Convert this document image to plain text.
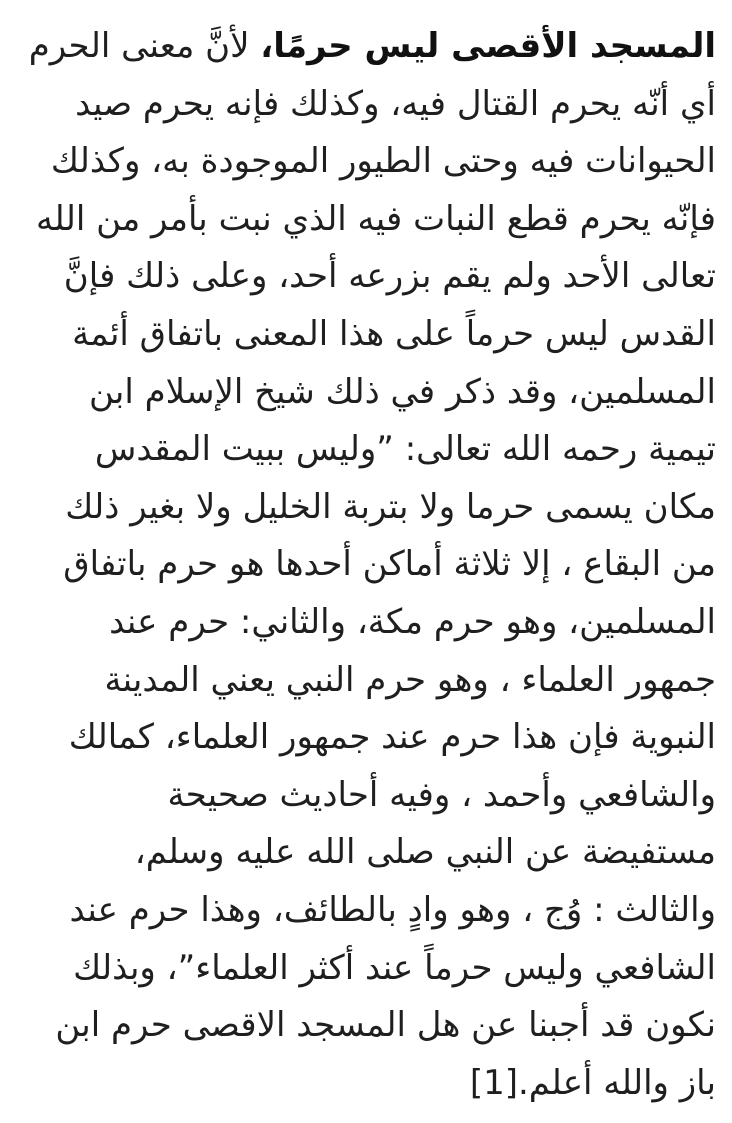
المسجد الأقصى ليس حرمًا، لأنَّ معنى الحرم أي أنّه يحرم القتال فيه، وكذلك فإنه يحرم صيد الحيوانات فيه وحتى الطيور الموجودة به، وكذلك فإنّه يحرم قطع النبات فيه الذي نبت بأمر من الله تعالى الأحد ولم يقم بزرعه أحد، وعلى ذلك فإنَّ القدس ليس حرماً على هذا المعنى باتفاق أئمة المسلمين، وقد ذكر في ذلك شيخ الإسلام ابن تيمية رحمه الله تعالى: ”وليس ببيت المقدس مكان يسمى حرما ولا بتربة الخليل ولا بغير ذلك من البقاع ، إلا ثلاثة أماكن أحدها هو حرم باتفاق المسلمين، وهو حرم مكة، والثاني: حرم عند جمهور العلماء ، وهو حرم النبي يعني المدينة النبوية فإن هذا حرم عند جمهور العلماء، كمالك والشافعي وأحمد ، وفيه أحاديث صحيحة مستفيضة عن النبي صلى الله عليه وسلم، والثالث : وُج ، وهو وادٍ بالطائف، وهذا حرم عند الشافعي وليس حرماً عند أكثر العلماء”، وبذلك نكون قد أجبنا عن هل المسجد الاقصى حرم ابن باز والله أعلم.[1]
